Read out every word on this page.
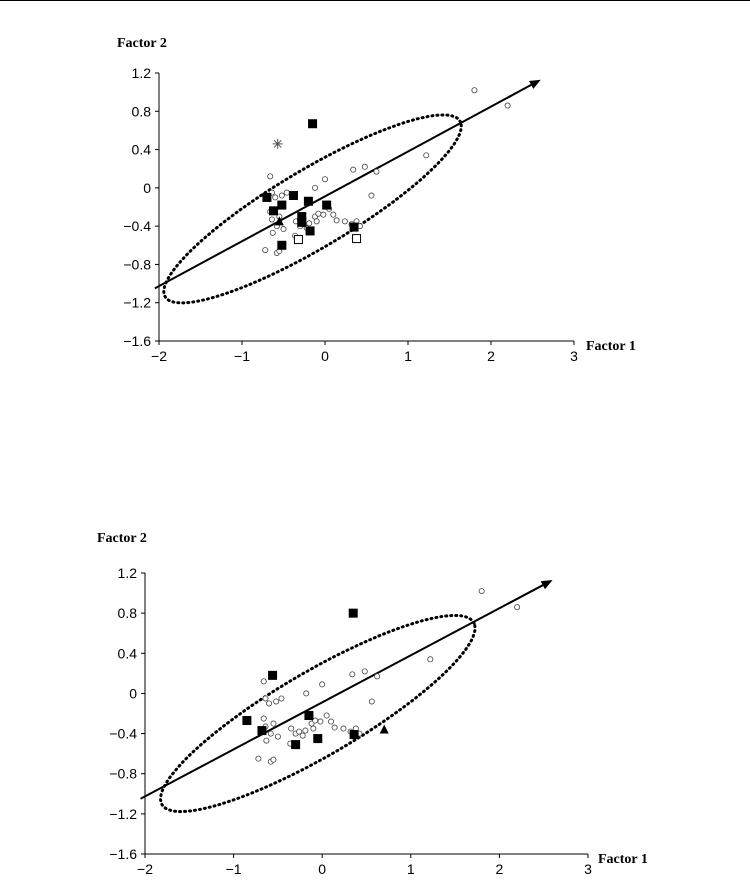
Factor 2
Factor 1
1.2
0.8
0.4
0
−0.4
−0.8
−1.2
−1.6
−2	−1	0	1	2	3
Factor 2
Factor 1
1.2
0.8
0.4
0
−0.4
−0.8
−1.2
−1.6
−2	−1	0	1	2	3
